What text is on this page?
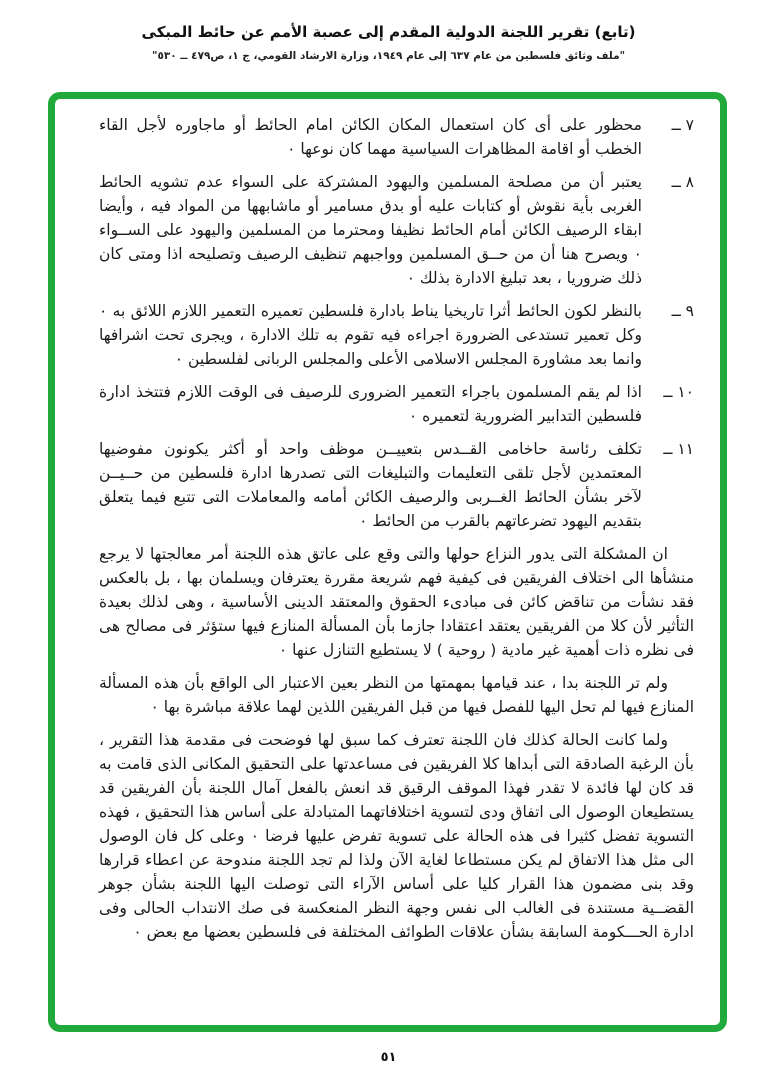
(تابع) تقرير اللجنة الدولية المقدم إلى عصبة الأمم عن حائط المبكى
"ملف وثائق فلسطين من عام ٦٣٧ إلى عام ١٩٤٩، وزارة الارشاد القومي، ج ١، ص٤٧٩ ــ ٥٣٠"
٧ ــ
محظور على أى كان استعمال المكان الكائن امام الحائط أو ماجاوره لأجل القاء الخطب أو اقامة المظاهرات السياسية مهما كان نوعها ٠
٨ ــ
يعتبر أن من مصلحة المسلمين واليهود المشتركة على السواء عدم تشويه الحائط الغربى بأية نقوش أو كتابات عليه أو بدق مسامير أو ماشابهها من المواد فيه ، وأيضا ابقاء الرصيف الكائن أمام الحائط نظيفا ومحترما من المسلمين واليهود على الســواء ٠ ويصرح هنا أن من حــق المسلمين وواجبهم تنظيف الرصيف وتصليحه اذا ومتى كان ذلك ضروريا ، بعد تبليغ الادارة بذلك ٠
٩ ــ
بالنظر لكون الحائط أثرا تاريخيا يناط بادارة فلسطين تعميره التعمير اللازم اللائق به ٠ وكل تعمير تستدعى الضرورة اجراءه فيه تقوم به تلك الادارة ، ويجرى تحت اشرافها وانما بعد مشاورة المجلس الاسلامى الأعلى والمجلس الربانى لفلسطين ٠
١٠ ــ
اذا لم يقم المسلمون باجراء التعمير الضرورى للرصيف فى الوقت اللازم فتتخذ ادارة فلسطين التدابير الضرورية لتعميره ٠
١١ ــ
تكلف رئاسة حاخامى القــدس بتعييــن موظف واحد أو أكثر يكونون مفوضيها المعتمدين لأجل تلقى التعليمات والتبليغات التى تصدرها ادارة فلسطين من حــيــن لآخر بشأن الحائط الغــربى والرصيف الكائن أمامه والمعاملات التى تتبع فيما يتعلق بتقديم اليهود تضرعاتهم بالقرب من الحائط ٠
ان المشكلة التى يدور النزاع حولها والتى وقع على عاتق هذه اللجنة أمر معالجتها لا يرجع منشأها الى اختلاف الفريقين فى كيفية فهم شريعة مقررة يعترفان ويسلمان بها ، بل بالعكس فقد نشأت من تناقض كائن فى مبادىء الحقوق والمعتقد الدينى الأساسية ، وهى لذلك بعيدة التأثير لأن كلا من الفريقين يعتقد اعتقادا جازما بأن المسألة المنازع فيها ستؤثر فى مصالح هى فى نظره ذات أهمية غير مادية ( روحية ) لا يستطيع التنازل عنها ٠
ولم تر اللجنة بدا ، عند قيامها بمهمتها من النظر بعين الاعتبار الى الواقع بأن هذه المسألة المنازع فيها لم تحل اليها للفصل فيها من قبل الفريقين اللذين لهما علاقة مباشرة بها ٠
ولما كانت الحالة كذلك فان اللجنة تعترف كما سبق لها فوضحت فى مقدمة هذا التقرير ، بأن الرغبة الصادقة التى أبداها كلا الفريقين فى مساعدتها على التحقيق المكانى الذى قامت به قد كان لها فائدة لا تقدر فهذا الموقف الرقيق قد انعش بالفعل آمال اللجنة بأن الفريقين قد يستطيعان الوصول الى اتفاق ودى لتسوية اختلافاتهما المتبادلة على أساس هذا التحقيق ، فهذه التسوية تفضل كثيرا فى هذه الحالة على تسوية تفرض عليها فرضا ٠ وعلى كل فان الوصول الى مثل هذا الاتفاق لم يكن مستطاعا لغاية الآن ولذا لم تجد اللجنة مندوحة عن اعطاء قرارها وقد بنى مضمون هذا القرار كليا على أساس الآراء التى توصلت اليها اللجنة بشأن جوهر القضــية مستندة فى الغالب الى نفس وجهة النظر المنعكسة فى صك الانتداب الحالى وفى ادارة الحـــكومة السابقة بشأن علاقات الطوائف المختلفة فى فلسطين بعضها مع بعض ٠
٥١
